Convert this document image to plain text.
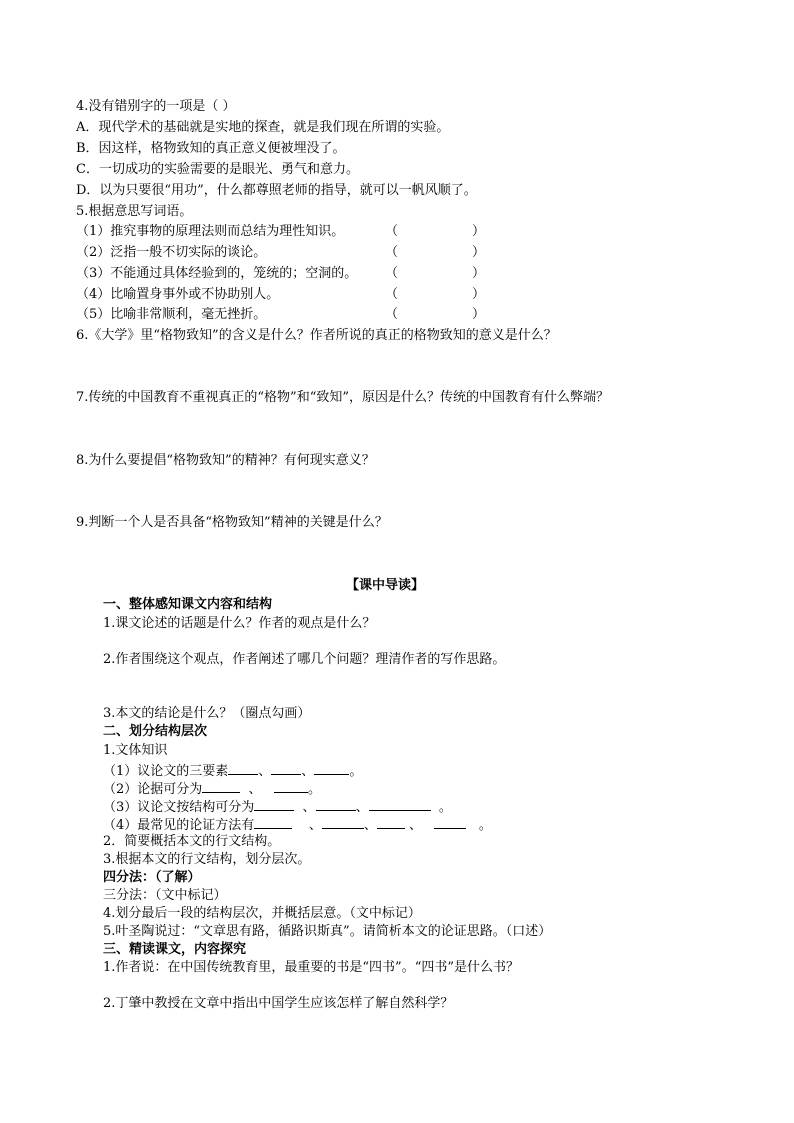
4.没有错别字的一项是（ ）
A．现代学术的基础就是实地的探查，就是我们现在所谓的实验。
B．因这样，格物致知的真正意义便被埋没了。
C．一切成功的实验需要的是眼光、勇气和意力。
D．以为只要很“用功”，什么都尊照老师的指导，就可以一帆风顺了。
5.根据意思写词语。
（1）推究事物的原理法则而总结为理性知识。	（	）
（2）泛指一般不切实际的谈论。	（	）
（3）不能通过具体经验到的，笼统的；空洞的。 （	）
（4）比喻置身事外或不协助别人。	（	）
（5）比喻非常顺利，毫无挫折。	（	）
6.《大学》里“格物致知”的含义是什么？作者所说的真正的格物致知的意义是什么？
7.传统的中国教育不重视真正的“格物”和“致知”，原因是什么？传统的中国教育有什么弊端？
8.为什么要提倡“格物致知”的精神？有何现实意义？
9.判断一个人是否具备“格物致知”精神的关键是什么？
【课中导读】
一、整体感知课文内容和结构
1.课文论述的话题是什么？作者的观点是什么？
2.作者围绕这个观点，作者阐述了哪几个问题？理清作者的写作思路。
3.本文的结论是什么？（圈点勾画）
二、划分结构层次
1.文体知识
（1）议论文的三要素 、 、	。
（2）论据可分为	、	。
（3）议论文按结构可分为	、	、	。
（4）最常见的论证方法有	、	、 、	。
2．简要概括本文的行文结构。
3.根据本文的行文结构，划分层次。
四分法：（了解）
三分法：（文中标记）
4.划分最后一段的结构层次，并概括层意。（文中标记）
5.叶圣陶说过：“文章思有路，循路识斯真”。请简析本文的论证思路。（口述）
三、精读课文，内容探究
1.作者说：在中国传统教育里，最重要的书是“四书”。“四书”是什么书？
2.丁肇中教授在文章中指出中国学生应该怎样了解自然科学？
